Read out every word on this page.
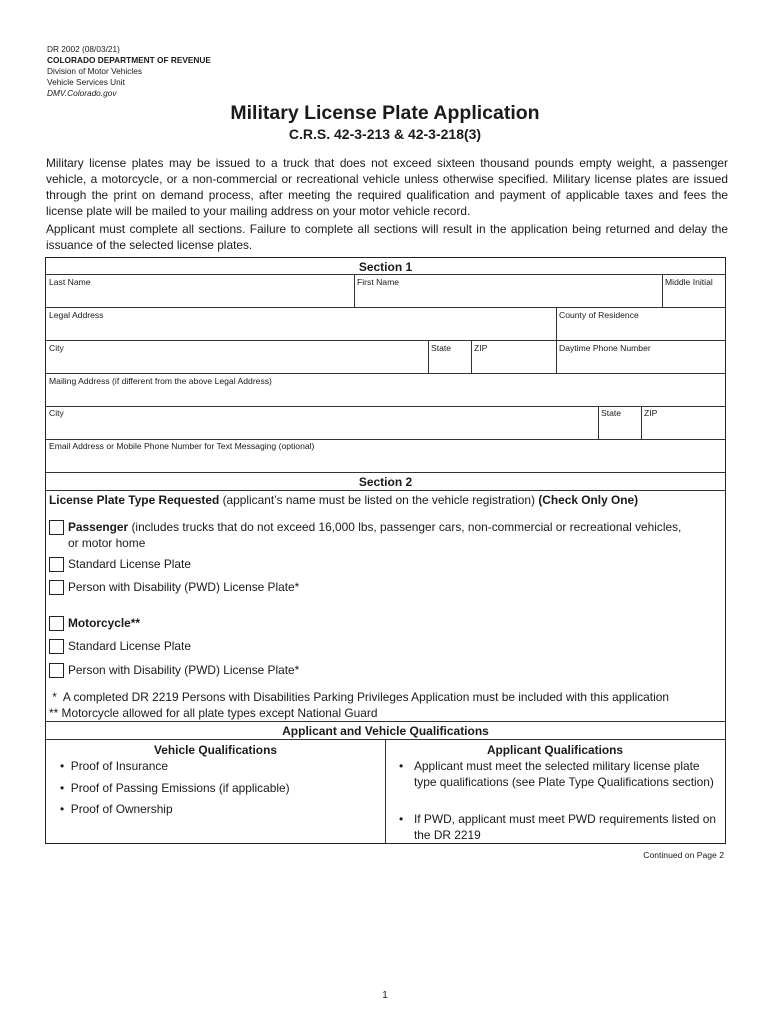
DR 2002 (08/03/21)
COLORADO DEPARTMENT OF REVENUE
Division of Motor Vehicles
Vehicle Services Unit
DMV.Colorado.gov
Military License Plate Application
C.R.S. 42-3-213 & 42-3-218(3)

Military license plates may be issued to a truck that does not exceed sixteen thousand pounds empty weight, a passenger vehicle, a motorcycle, or a non-commercial or recreational vehicle unless otherwise specified. Military license plates are issued through the print on demand process, after meeting the required qualification and payment of applicable taxes and fees the license plate will be mailed to your mailing address on your motor vehicle record.

Applicant must complete all sections. Failure to complete all sections will result in the application being returned and delay the issuance of the selected license plates.

Section 1
Last Name	First Name	Middle Initial
Legal Address	County of Residence
City	State	ZIP	Daytime Phone Number
Mailing Address (if different from the above Legal Address)
City	State	ZIP
Email Address or Mobile Phone Number for Text Messaging (optional)
Section 2
License Plate Type Requested (applicant’s name must be listed on the vehicle registration) (Check Only One)
Passenger (includes trucks that do not exceed 16,000 lbs, passenger cars, non-commercial or recreational vehicles,
or motor home
Standard License Plate
Person with Disability (PWD) License Plate*
Motorcycle**
Standard License Plate
Person with Disability (PWD) License Plate*
*  A completed DR 2219 Persons with Disabilities Parking Privileges Application must be included with this application
** Motorcycle allowed for all plate types except National Guard
Applicant and Vehicle Qualifications
Vehicle Qualifications
•  Proof of Insurance
•  Proof of Passing Emissions (if applicable)
•  Proof of Ownership
Applicant Qualifications
• Applicant must meet the selected military license plate type qualifications (see Plate Type Qualifications section)
• If PWD, applicant must meet PWD requirements listed on the DR 2219
Continued on Page 2
1
